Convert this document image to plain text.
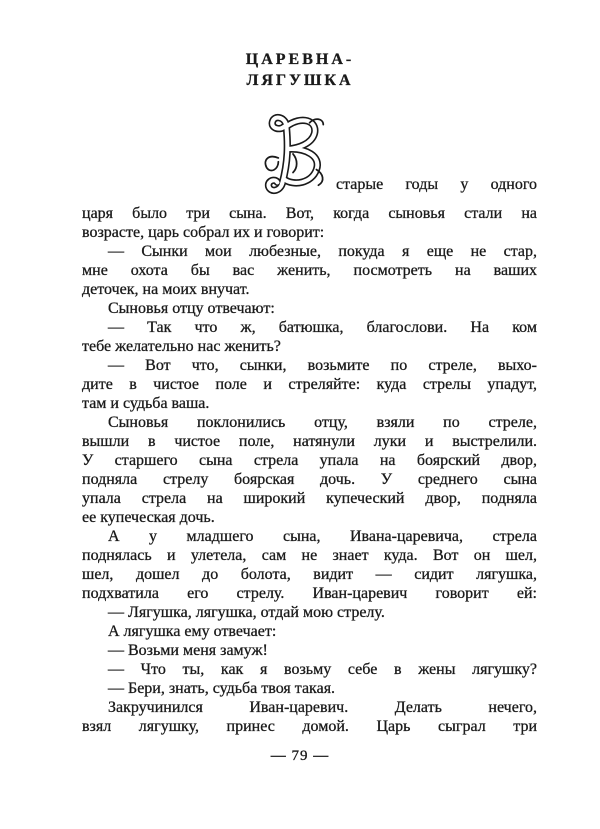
ЦАРЕВНА-
ЛЯГУШКА
старые годы у одного
царя было три сына. Вот, когда сыновья стали на
возрасте, царь собрал их и говорит:
— Сынки мои любезные, покуда я еще не стар,
мне охота бы вас женить, посмотреть на ваших
деточек, на моих внучат.
Сыновья отцу отвечают:
— Так что ж, батюшка, благослови. На ком
тебе желательно нас женить?
— Вот что, сынки, возьмите по стреле, выхо-
дите в чистое поле и стреляйте: куда стрелы упадут,
там и судьба ваша.
Сыновья поклонились отцу, взяли по стреле,
вышли в чистое поле, натянули луки и выстрелили.
У старшего сына стрела упала на боярский двор,
подняла стрелу боярская дочь. У среднего сына
упала стрела на широкий купеческий двор, подняла
ее купеческая дочь.
А у младшего сына, Ивана-царевича, стрела
поднялась и улетела, сам не знает куда. Вот он шел,
шел, дошел до болота, видит — сидит лягушка,
подхватила его стрелу. Иван-царевич говорит ей:
— Лягушка, лягушка, отдай мою стрелу.
А лягушка ему отвечает:
— Возьми меня замуж!
— Что ты, как я возьму себе в жены лягушку?
— Бери, знать, судьба твоя такая.
Закручинился Иван-царевич. Делать нечего,
взял лягушку, принес домой. Царь сыграл три
— 79 —
